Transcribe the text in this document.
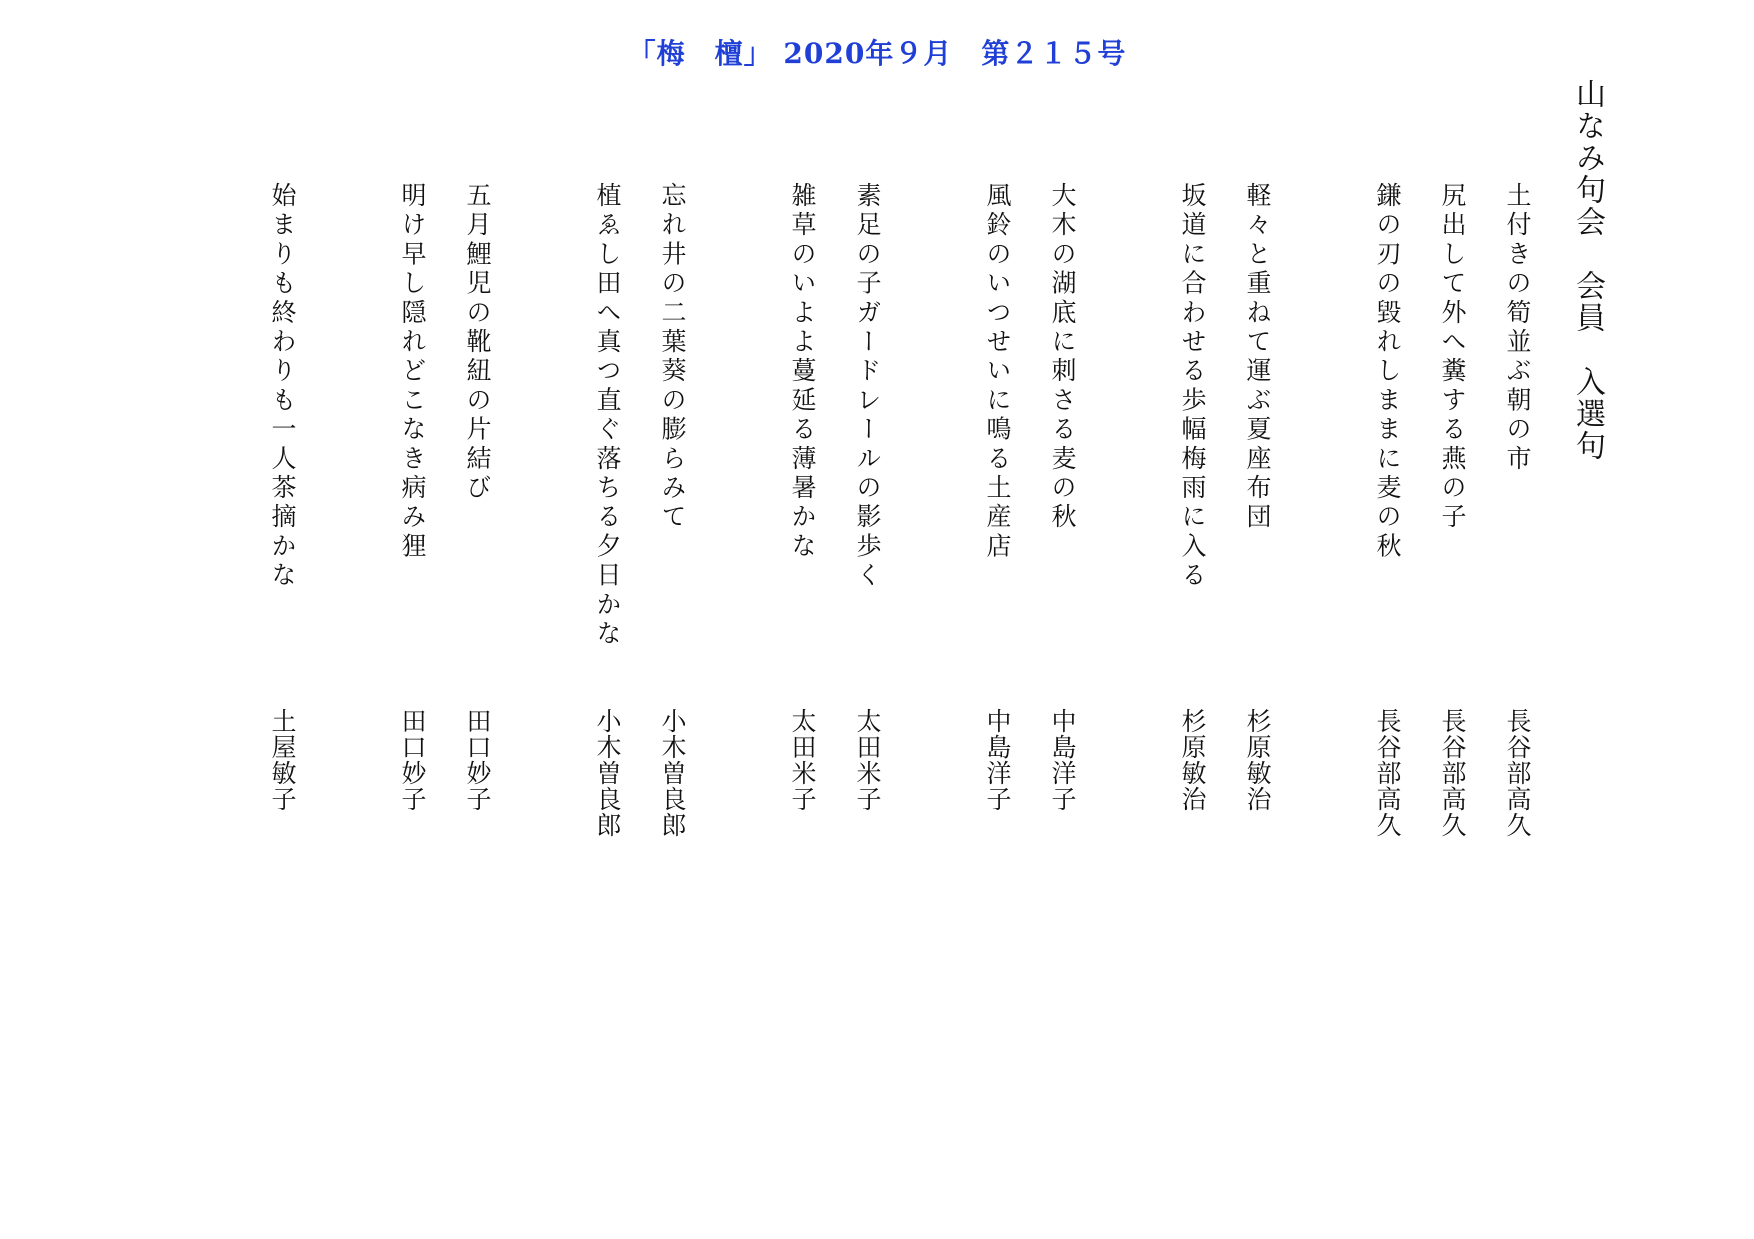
「梅　檀」 2020年９月　第２１５号
山なみ句会　会員　入選句
土付きの筍並ぶ朝の市
長谷部高久
尻出して外へ糞する燕の子
長谷部高久
鎌の刃の毀れしままに麦の秋
長谷部高久
軽々と重ねて運ぶ夏座布団
杉原敏治
坂道に合わせる歩幅梅雨に入る
杉原敏治
大木の湖底に刺さる麦の秋
中島洋子
風鈴のいつせいに鳴る土産店
中島洋子
素足の子ガードレールの影歩く
太田米子
雑草のいよよ蔓延る薄暑かな
太田米子
忘れ井の二葉葵の膨らみて
小木曽良郎
植ゑし田へ真つ直ぐ落ちる夕日かな
小木曽良郎
五月鯉児の靴紐の片結び
田口妙子
明け早し隠れどこなき病み狸
田口妙子
始まりも終わりも一人茶摘かな
土屋敏子
